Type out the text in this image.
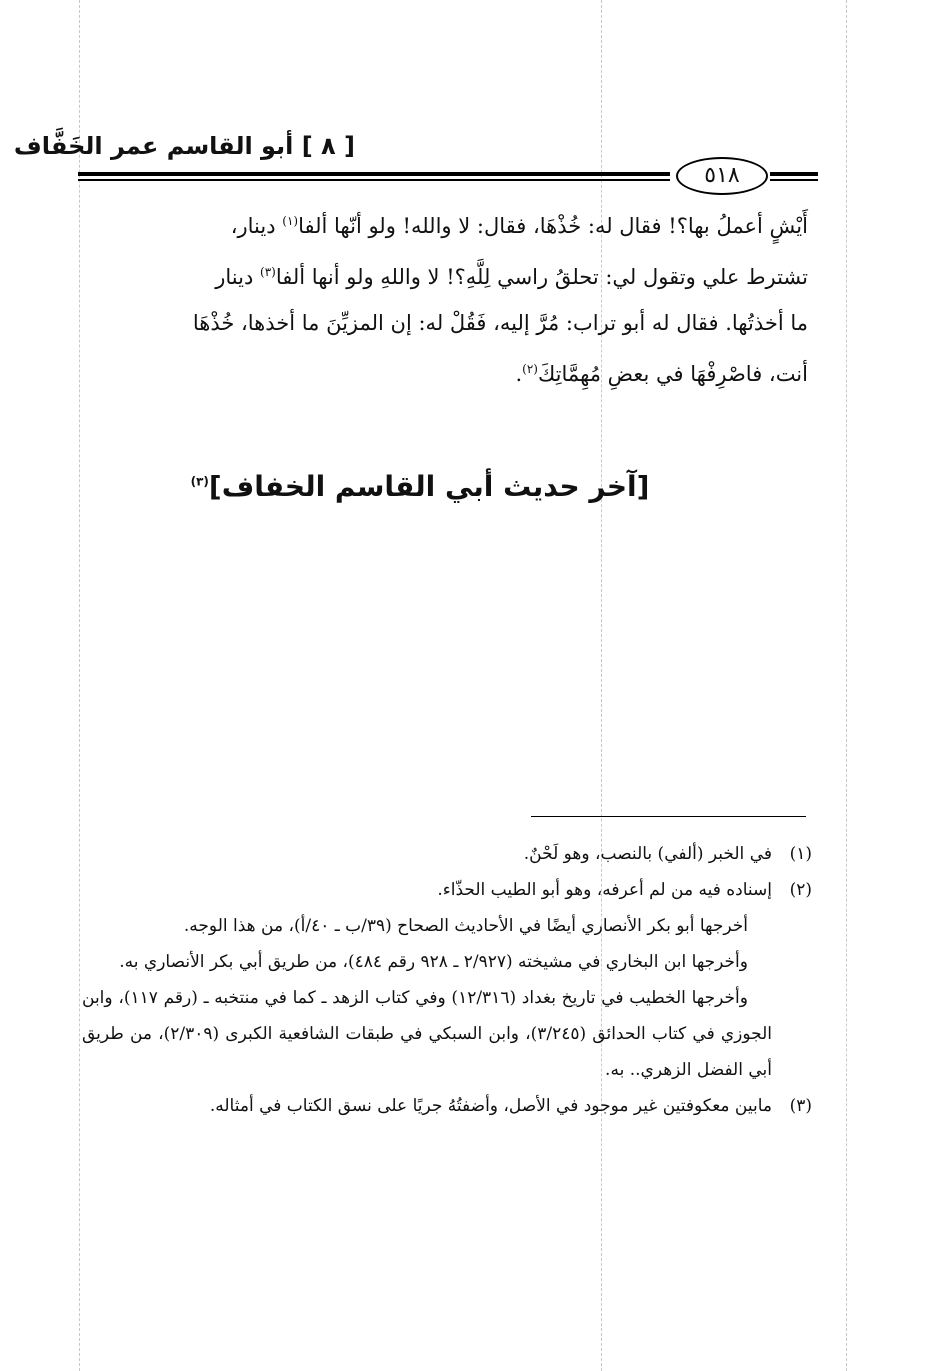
[ ٨ ] أبو القاسم عمر الخَفَّاف
٥١٨

أَيْشٍ أعملُ بها؟! فقال له: خُذْهَا، فقال: لا والله! ولو أنّها ألفا$^{(١)}$ دينار،

تشترط علي وتقول لي: تحلقُ راسي لِلَّهِ؟! لا واللهِ ولو أنها ألفا$^{(٣)}$ دينار

ما أخذتُها. فقال له أبو تراب: مُرَّ إليه، فَقُلْ له: إن المزيِّنَ ما أخذها، خُذْهَا

أنت، فاصْرِفْهَا في بعضِ مُهِمَّاتِكَ$^{(٢)}$.

[آخر حديث أبي القاسم الخفاف]$^{(٣)}$
(١)

في الخبر (ألفي) بالنصب، وهو لَحْنٌ.

(٢)

إسناده فيه من لم أعرفه، وهو أبو الطيب الحذّاء.

أخرجها أبو بكر الأنصاري أيضًا في الأحاديث الصحاح (٣٩/ب ـ ٤٠/أ)، من هذا الوجه.

وأخرجها ابن البخاري في مشيخته (٢/٩٢٧ ـ ٩٢٨ رقم ٤٨٤)، من طريق أبي بكر الأنصاري به.

وأخرجها الخطيب في تاريخ بغداد (١٢/٣١٦) وفي كتاب الزهد ـ كما في منتخبه ـ (رقم ١١٧)، وابن الجوزي في كتاب الحدائق (٣/٢٤٥)، وابن السبكي في طبقات الشافعية الكبرى (٢/٣٠٩)، من طريق أبي الفضل الزهري.. به.

(٣)

مابين معكوفتين غير موجود في الأصل، وأضفتُهُ جريًا على نسق الكتاب في أمثاله.
